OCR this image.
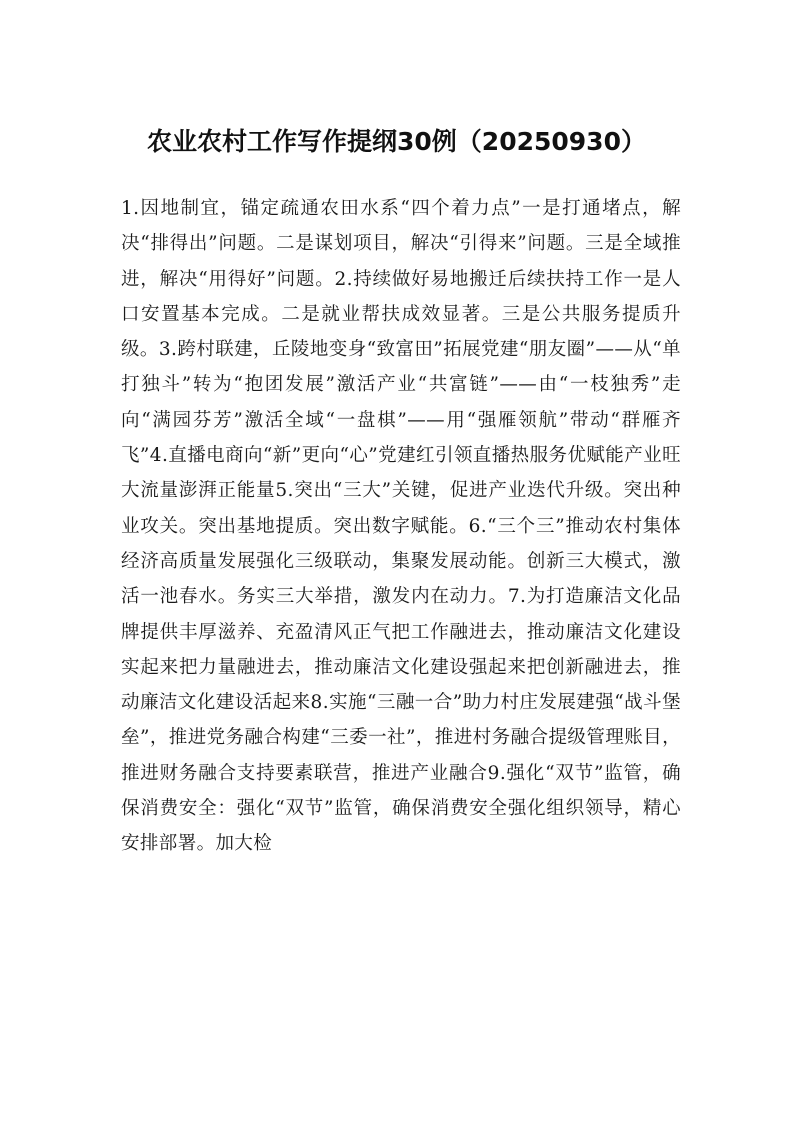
农业农村工作写作提纲30例（20250930）

1.因地制宜，锚定疏通农田水系“四个着力点”一是打通堵点，解决“排得出”问题。二是谋划项目，解决“引得来”问题。三是全域推进，解决“用得好”问题。2.持续做好易地搬迁后续扶持工作一是人口安置基本完成。二是就业帮扶成效显著。三是公共服务提质升级。3.跨村联建，丘陵地变身“致富田”拓展党建“朋友圈”——从“单打独斗”转为“抱团发展”激活产业“共富链”——由“一枝独秀”走向“满园芬芳”激活全域“一盘棋”——用“强雁领航”带动“群雁齐飞”4.直播电商向“新”更向“心”党建红引领直播热服务优赋能产业旺大流量澎湃正能量5.突出“三大”关键，促进产业迭代升级。突出种业攻关。突出基地提质。突出数字赋能。6.“三个三”推动农村集体经济高质量发展强化三级联动，集聚发展动能。创新三大模式，激活一池春水。务实三大举措，激发内在动力。7.为打造廉洁文化品牌提供丰厚滋养、充盈清风正气把工作融进去，推动廉洁文化建设实起来把力量融进去，推动廉洁文化建设强起来把创新融进去，推动廉洁文化建设活起来8.实施“三融一合”助力村庄发展建强“战斗堡垒”，推进党务融合构建“三委一社”，推进村务融合提级管理账目，推进财务融合支持要素联营，推进产业融合9.强化“双节”监管，确保消费安全：强化“双节”监管，确保消费安全强化组织领导，精心安排部署。加大检
